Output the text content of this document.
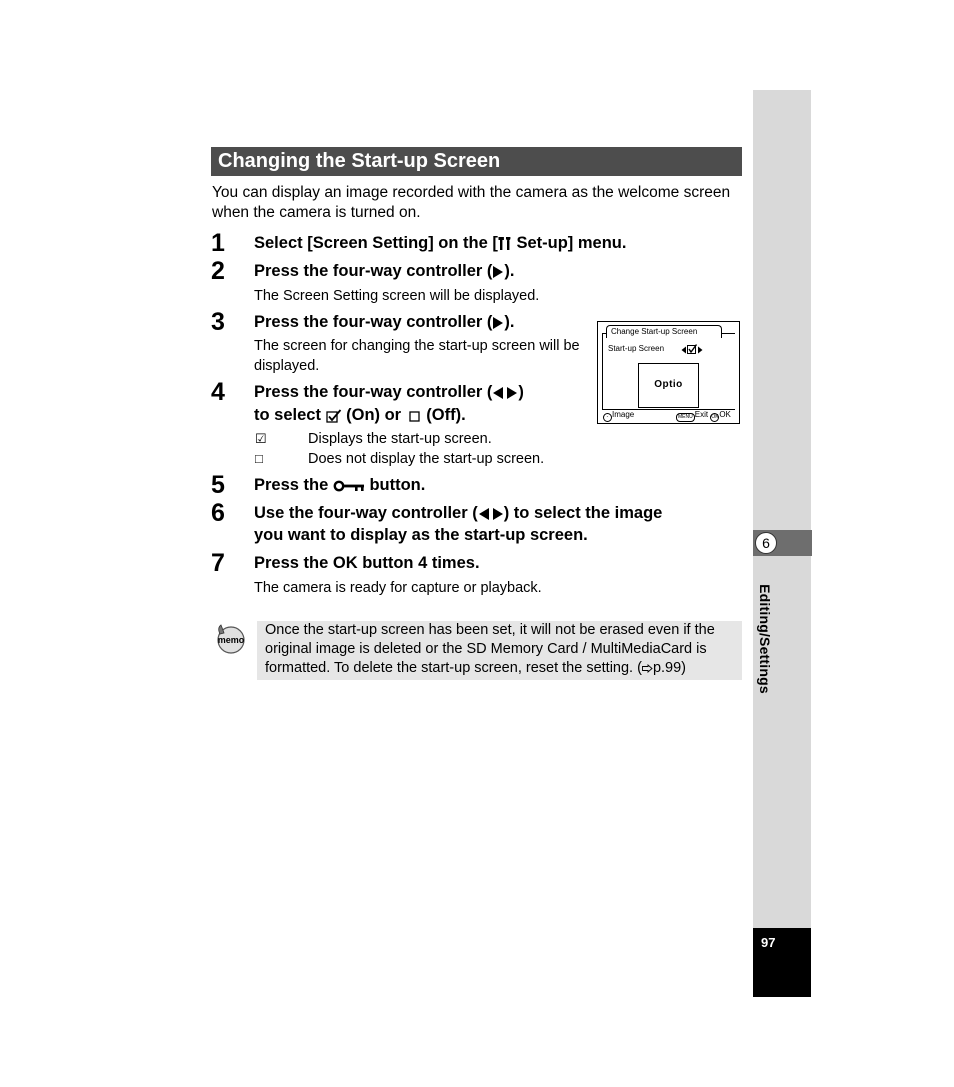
6
Editing/Settings
97
Changing the Start-up Screen

You can display an image recorded with the camera as the welcome screen when the camera is turned on.

1 Select [Screen Setting] on the [ Set-up] menu.
2 Press the four-way controller ( ).
The Screen Setting screen will be displayed.
3 Press the four-way controller ( ).
The screen for changing the start-up screen will be displayed.
Change Start-up Screen
Start-up Screen
Optio
- Image	MENU Exit OKOK
4 Press the four-way controller ( )
to select  (On) or  (Off).
☑	Displays the start-up screen.
□	Does not display the start-up screen.
5 Press the  button.
6 Use the four-way controller ( ) to select the image
you want to display as the start-up screen.
7 Press the OK button 4 times.
The camera is ready for capture or playback.
memo
Once the start-up screen has been set, it will not be erased even if the original image is deleted or the SD Memory Card / MultiMediaCard is formatted. To delete the start-up screen, reset the setting. ( p.99)
